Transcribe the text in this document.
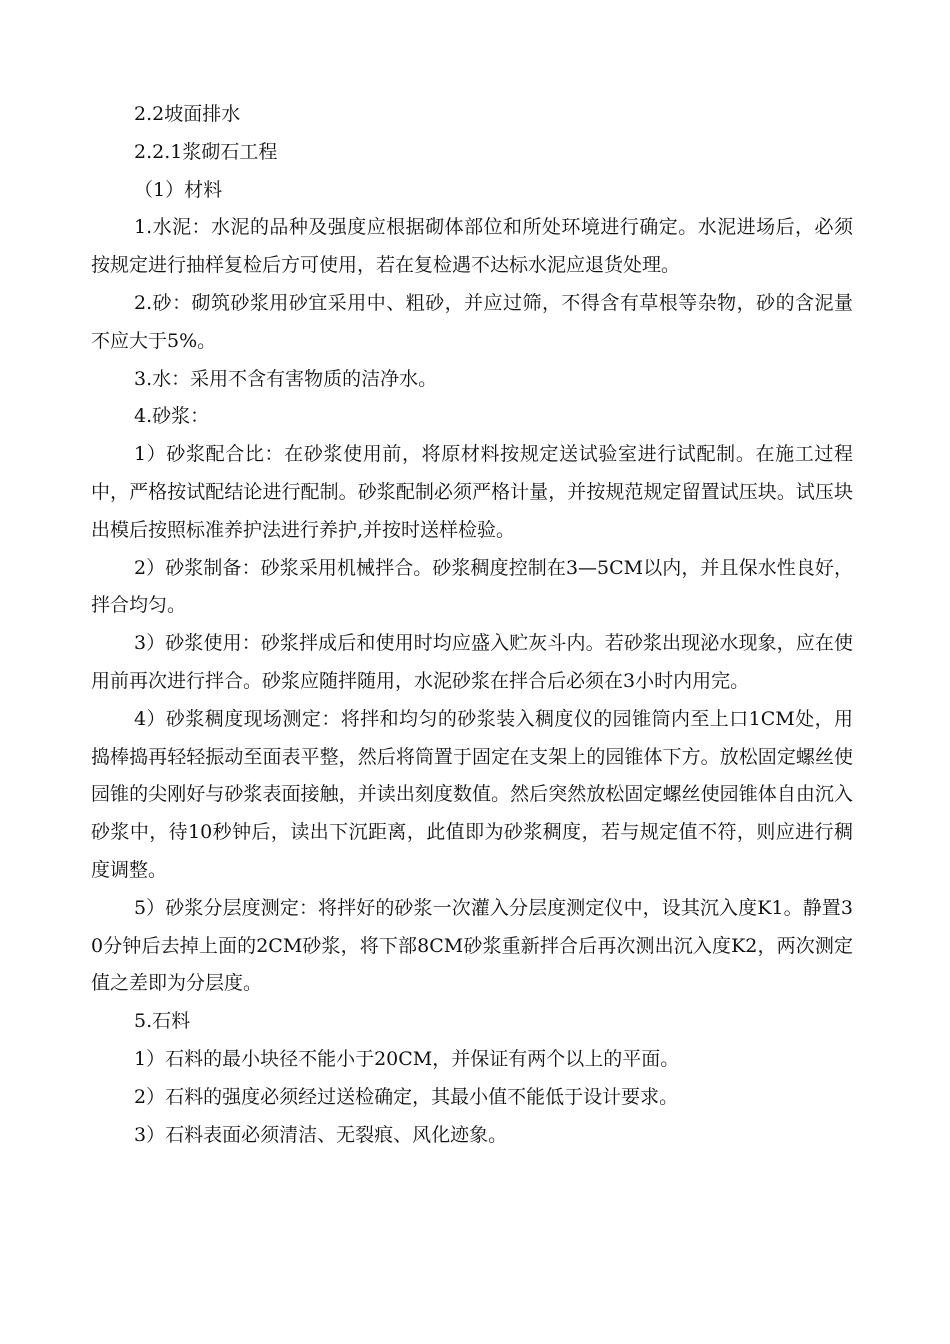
2.2坡面排水

2.2.1浆砌石工程

（1）材料

1.水泥：水泥的品种及强度应根据砌体部位和所处环境进行确定。水泥进场后，必须按规定进行抽样复检后方可使用，若在复检遇不达标水泥应退货处理。

2.砂：砌筑砂浆用砂宜采用中、粗砂，并应过筛，不得含有草根等杂物，砂的含泥量不应大于5%。

3.水：采用不含有害物质的洁净水。

4.砂浆：

1）砂浆配合比：在砂浆使用前，将原材料按规定送试验室进行试配制。在施工过程中，严格按试配结论进行配制。砂浆配制必须严格计量，并按规范规定留置试压块。试压块出模后按照标准养护法进行养护,并按时送样检验。

2）砂浆制备：砂浆采用机械拌合。砂浆稠度控制在3—5CM以内，并且保水性良好，拌合均匀。

3）砂浆使用：砂浆拌成后和使用时均应盛入贮灰斗内。若砂浆出现泌水现象，应在使用前再次进行拌合。砂浆应随拌随用，水泥砂浆在拌合后必须在3小时内用完。

4）砂浆稠度现场测定：将拌和均匀的砂浆装入稠度仪的园锥筒内至上口1CM处，用捣棒捣再轻轻振动至面表平整，然后将筒置于固定在支架上的园锥体下方。放松固定螺丝使园锥的尖刚好与砂浆表面接触，并读出刻度数值。然后突然放松固定螺丝使园锥体自由沉入砂浆中，待10秒钟后，读出下沉距离，此值即为砂浆稠度，若与规定值不符，则应进行稠度调整。

5）砂浆分层度测定：将拌好的砂浆一次灌入分层度测定仪中，设其沉入度K1。静置30分钟后去掉上面的2CM砂浆，将下部8CM砂浆重新拌合后再次测出沉入度K2，两次测定值之差即为分层度。

5.石料

1）石料的最小块径不能小于20CM，并保证有两个以上的平面。

2）石料的强度必须经过送检确定，其最小值不能低于设计要求。

3）石料表面必须清洁、无裂痕、风化迹象。
